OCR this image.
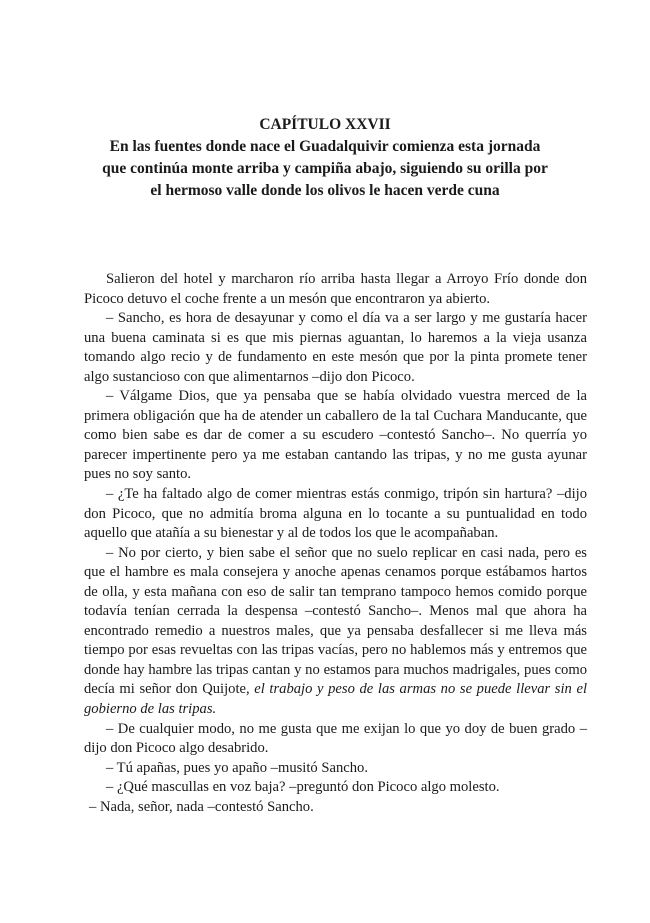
CAPÍTULO XXVII
En las fuentes donde nace el Guadalquivir comienza esta jornada
que continúa monte arriba y campiña abajo, siguiendo su orilla por
el hermoso valle donde los olivos le hacen verde cuna

Salieron del hotel y marcharon río arriba hasta llegar a Arroyo Frío donde don Picoco detuvo el coche frente a un mesón que encontraron ya abierto.

– Sancho, es hora de desayunar y como el día va a ser largo y me gustaría hacer una buena caminata si es que mis piernas aguantan, lo haremos a la vieja usanza tomando algo recio y de fundamento en este mesón que por la pinta promete tener algo sustancioso con que alimentarnos –dijo don Picoco.

– Válgame Dios, que ya pensaba que se había olvidado vuestra merced de la primera obligación que ha de atender un caballero de la tal Cuchara Manducante, que como bien sabe es dar de comer a su escudero –contestó Sancho–. No querría yo parecer impertinente pero ya me estaban cantando las tripas, y no me gusta ayunar pues no soy santo.

– ¿Te ha faltado algo de comer mientras estás conmigo, tripón sin hartura? –dijo don Picoco, que no admitía broma alguna en lo tocante a su puntualidad en todo aquello que atañía a su bienestar y al de todos los que le acompañaban.

– No por cierto, y bien sabe el señor que no suelo replicar en casi nada, pero es que el hambre es mala consejera y anoche apenas cenamos porque estábamos hartos de olla, y esta mañana con eso de salir tan temprano tampoco hemos comido porque todavía tenían cerrada la despensa –contestó Sancho–. Menos mal que ahora ha encontrado remedio a nuestros males, que ya pensaba desfallecer si me lleva más tiempo por esas revueltas con las tripas vacías, pero no hablemos más y entremos que donde hay hambre las tripas cantan y no estamos para muchos madrigales, pues como decía mi señor don Quijote, el trabajo y peso de las armas no se puede llevar sin el gobierno de las tripas.

– De cualquier modo, no me gusta que me exijan lo que yo doy de buen grado –dijo don Picoco algo desabrido.

– Tú apañas, pues yo apaño –musitó Sancho.

– ¿Qué mascullas en voz baja? –preguntó don Picoco algo molesto.

– Nada, señor, nada –contestó Sancho.
